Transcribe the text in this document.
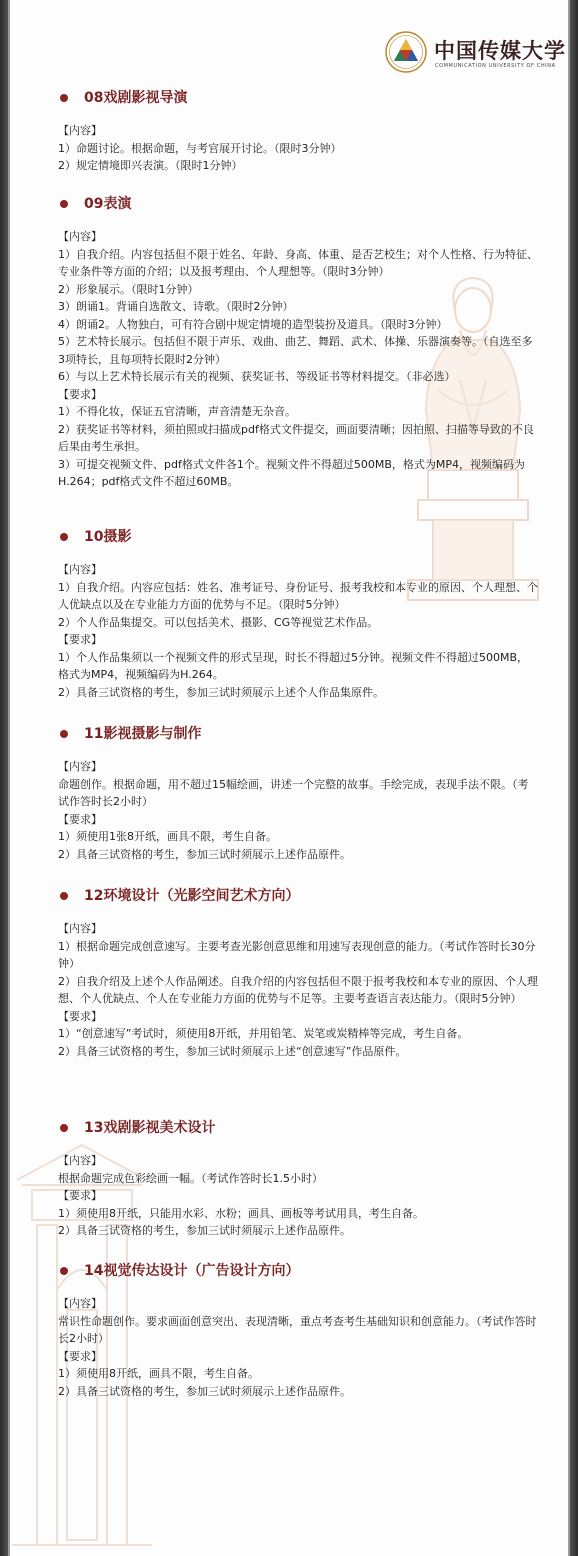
中国传媒大学
COMMUNICATION UNIVERSITY OF CHINA
08戏剧影视导演
【内容】
1）命题讨论。根据命题，与考官展开讨论。（限时3分钟）
2）规定情境即兴表演。（限时1分钟）
09表演
【内容】
1）自我介绍。内容包括但不限于姓名、年龄、身高、体重、是否艺校生；对个人性格、行为特征、专业条件等方面的介绍；以及报考理由、个人理想等。（限时3分钟）
2）形象展示。（限时1分钟）
3）朗诵1。背诵自选散文、诗歌。（限时2分钟）
4）朗诵2。人物独白，可有符合剧中规定情境的造型装扮及道具。（限时3分钟）
5）艺术特长展示。包括但不限于声乐、戏曲、曲艺、舞蹈、武术、体操、乐器演奏等。（自选至多3项特长，且每项特长限时2分钟）
6）与以上艺术特长展示有关的视频、获奖证书、等级证书等材料提交。（非必选）
【要求】
1）不得化妆，保证五官清晰，声音清楚无杂音。
2）获奖证书等材料，须拍照或扫描成pdf格式文件提交，画面要清晰；因拍照、扫描等导致的不良后果由考生承担。
3）可提交视频文件、pdf格式文件各1个。视频文件不得超过500MB，格式为MP4，视频编码为H.264；pdf格式文件不超过60MB。
10摄影
【内容】
1）自我介绍。内容应包括：姓名、准考证号、身份证号、报考我校和本专业的原因、个人理想、个人优缺点以及在专业能力方面的优势与不足。（限时5分钟）
2）个人作品集提交。可以包括美术、摄影、CG等视觉艺术作品。
【要求】
1）个人作品集须以一个视频文件的形式呈现，时长不得超过5分钟。视频文件不得超过500MB，格式为MP4，视频编码为H.264。
2）具备三试资格的考生，参加三试时须展示上述个人作品集原件。
11影视摄影与制作
【内容】
命题创作。根据命题，用不超过15幅绘画，讲述一个完整的故事。手绘完成，表现手法不限。（考试作答时长2小时）
【要求】
1）须使用1张8开纸，画具不限，考生自备。
2）具备三试资格的考生，参加三试时须展示上述作品原件。
12环境设计（光影空间艺术方向）
【内容】
1）根据命题完成创意速写。主要考查光影创意思维和用速写表现创意的能力。（考试作答时长30分钟）
2）自我介绍及上述个人作品阐述。自我介绍的内容包括但不限于报考我校和本专业的原因、个人理想、个人优缺点、个人在专业能力方面的优势与不足等。主要考查语言表达能力。（限时5分钟）
【要求】
1）“创意速写”考试时，须使用8开纸，并用铅笔、炭笔或炭精棒等完成，考生自备。
2）具备三试资格的考生，参加三试时须展示上述“创意速写”作品原件。
13戏剧影视美术设计
【内容】
根据命题完成色彩绘画一幅。（考试作答时长1.5小时）
【要求】
1）须使用8开纸，只能用水彩、水粉；画具、画板等考试用具，考生自备。
2）具备三试资格的考生，参加三试时须展示上述作品原件。
14视觉传达设计（广告设计方向）
【内容】
常识性命题创作。要求画面创意突出、表现清晰，重点考查考生基础知识和创意能力。（考试作答时长2小时）
【要求】
1）须使用8开纸，画具不限，考生自备。
2）具备三试资格的考生，参加三试时须展示上述作品原件。
